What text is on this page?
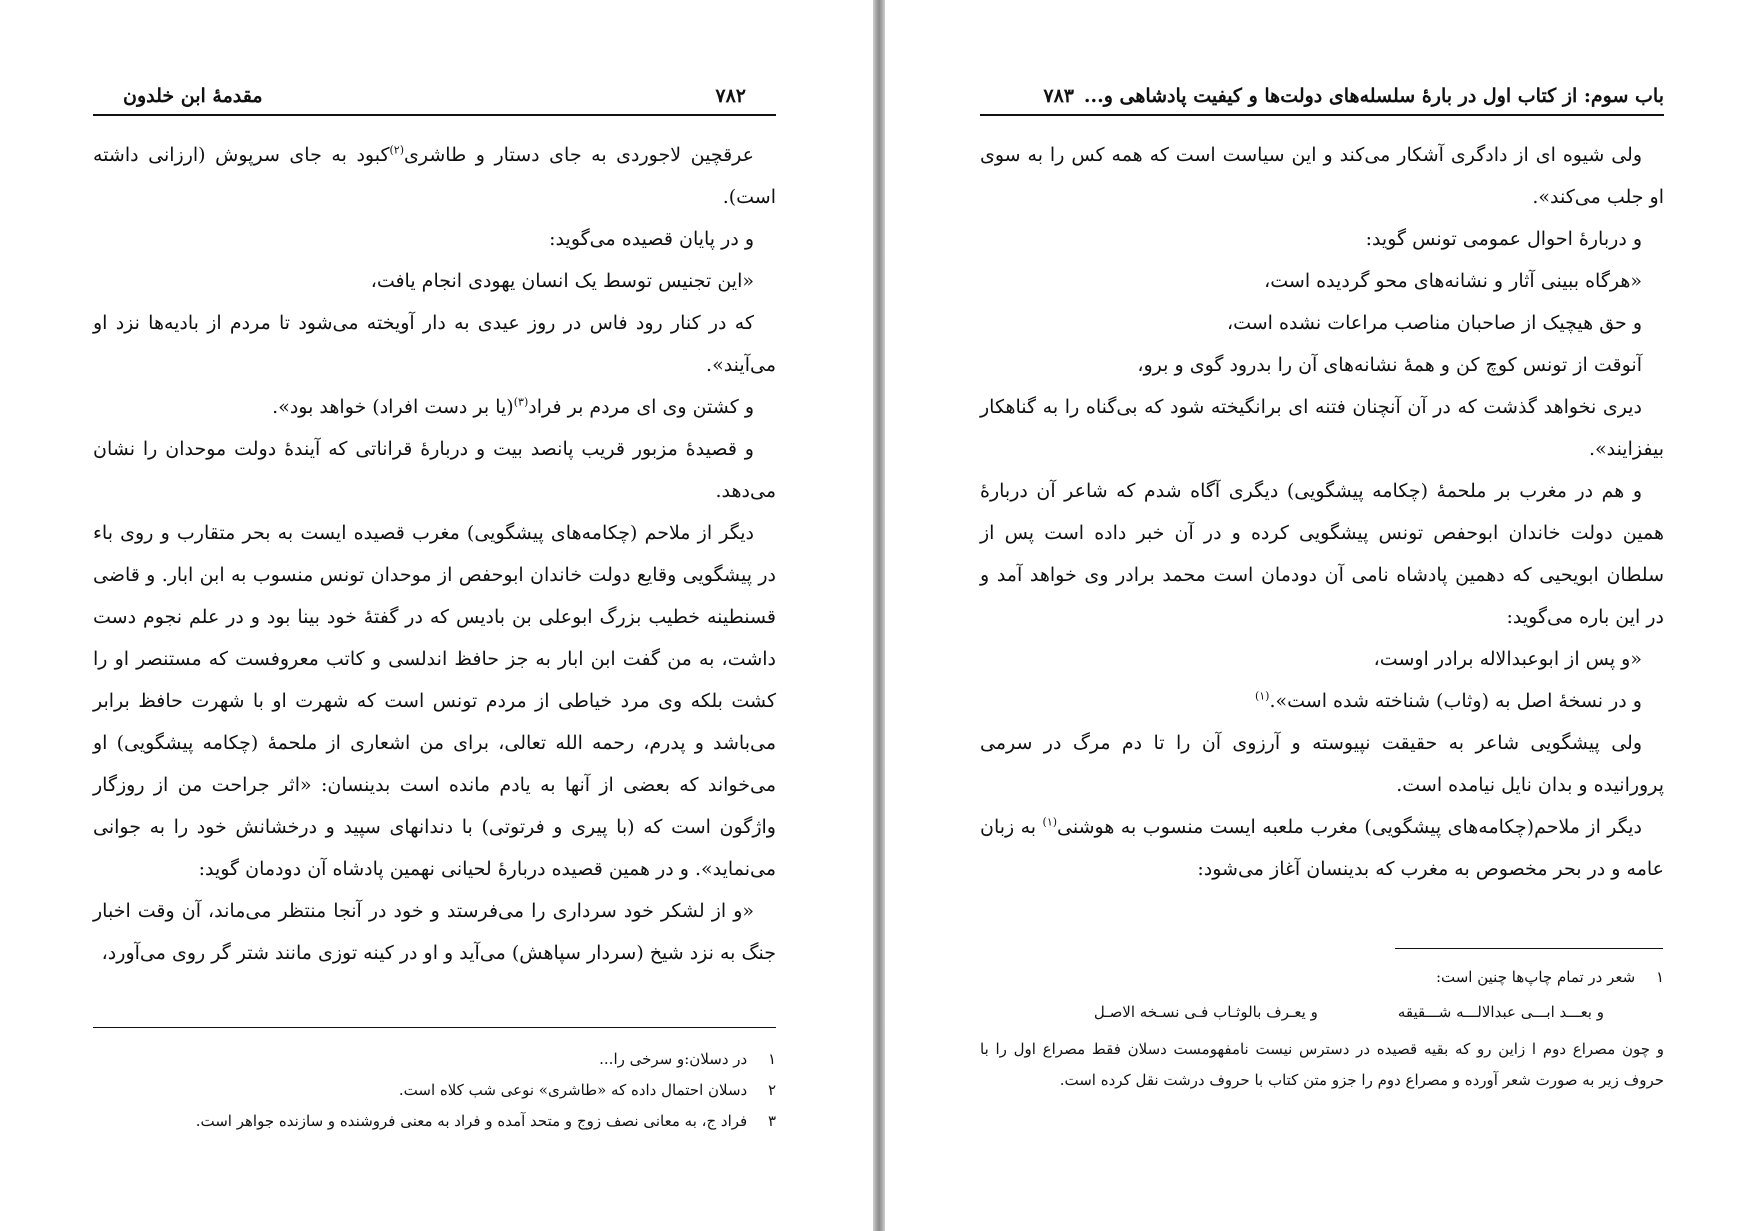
۷۸۲
مقدمهٔ ابن خلدون

عرقچین لاجوردی به جای دستار و طاشری$^{(۲)}$کبود به جای سرپوش (ارزانی داشته است).

و در پایان قصیده می‌گوید:

«این تجنیس توسط یک انسان یهودی انجام یافت،

که در کنار رود فاس در روز عیدی به دار آویخته می‌شود تا مردم از بادیه‌ها نزد او می‌آیند».

و کشتن وی ای مردم بر فراد$^{(۳)}$(یا بر دست افراد) خواهد بود».

و قصیدهٔ مزبور قریب پانصد بیت و دربارهٔ قراناتی که آیندهٔ دولت موحدان را نشان می‌دهد.

دیگر از ملاحم (چکامه‌های پیشگویی) مغرب قصیده ایست به بحر متقارب و روی باء در پیشگویی وقایع دولت خاندان ابوحفص از موحدان تونس منسوب به ابن ابار. و قاضی قسنطینه خطیب بزرگ ابوعلی بن بادیس که در گفتهٔ خود بینا بود و در علم نجوم دست داشت، به من گفت ابن ابار به جز حافظ اندلسی و کاتب معروفست که مستنصر او را کشت بلکه وی مرد خیاطی از مردم تونس است که شهرت او با شهرت حافظ برابر می‌باشد و پدرم، رحمه الله تعالی، برای من اشعاری از ملحمهٔ (چکامه پیشگویی) او می‌خواند که بعضی از آنها به یادم مانده است بدینسان: «اثر جراحت من از روزگار واژگون است که (با پیری و فرتوتی) با دندانهای سپید و درخشانش خود را به جوانی می‌نماید». و در همین قصیده دربارهٔ لحیانی نهمین پادشاه آن دودمان گوید:

«و از لشکر خود سرداری را می‌فرستد و خود در آنجا منتظر می‌ماند، آن وقت اخبار جنگ به نزد شیخ (سردار سپاهش) می‌آید و او در کینه توزی مانند شتر گر روی می‌آورد،

۱ در دسلان:و سرخی را...

۲ دسلان احتمال داده که «طاشری» نوعی شب کلاه است.

۳ فراد ج، به معانی نصف زوج و متحد آمده و فراد به معنی فروشنده و سازنده جواهر است.

باب سوم: از کتاب اول در بارهٔ سلسله‌های دولت‌ها و کیفیت پادشاهی و...
۷۸۳

ولی شیوه ای از دادگری آشکار می‌کند و این سیاست است که همه کس را به سوی او جلب می‌کند».

و دربارهٔ احوال عمومی تونس گوید:

«هرگاه ببینی آثار و نشانه‌های محو گردیده است،

و حق هیچیک از صاحبان مناصب مراعات نشده است،

آنوقت از تونس کوچ کن و همهٔ نشانه‌های آن را بدرود گوی و برو،

دیری نخواهد گذشت که در آن آنچنان فتنه ای برانگیخته شود که بی‌گناه را به گناهکار بیفزایند».

و هم در مغرب بر ملحمهٔ (چکامه پیشگویی) دیگری آگاه شدم که شاعر آن دربارهٔ همین دولت خاندان ابوحفص تونس پیشگویی کرده و در آن خبر داده است پس از سلطان ابویحیی که دهمین پادشاه نامی آن دودمان است محمد برادر وی خواهد آمد و در این باره می‌گوید:

«و پس از ابوعبدالاله برادر اوست،

و در نسخهٔ اصل به (وثاب) شناخته شده است».$^{(۱)}$

ولی پیشگویی شاعر به حقیقت نپیوسته و آرزوی آن را تا دم مرگ در سرمی پرورانیده و بدان نایل نیامده است.

دیگر از ملاحم(چکامه‌های پیشگویی) مغرب ملعبه ایست منسوب به هوشنی$^{(۱)}$ به زبان عامه و در بحر مخصوص به مغرب که بدینسان آغاز می‌شود:

۱ شعر در تمام چاپ‌ها چنین است:

و بعـــد ابـــی عبدالالـــه شـــقیقه
و یعـرف بالوثـاب فـی نسـخه الاصـل

و چون مصراع دوم ا زاین رو که بقیه قصیده در دسترس نیست نامفهومست دسلان فقط مصراع اول را با حروف زیر به صورت شعر آورده و مصراع دوم را جزو متن کتاب با حروف درشت نقل کرده است.
